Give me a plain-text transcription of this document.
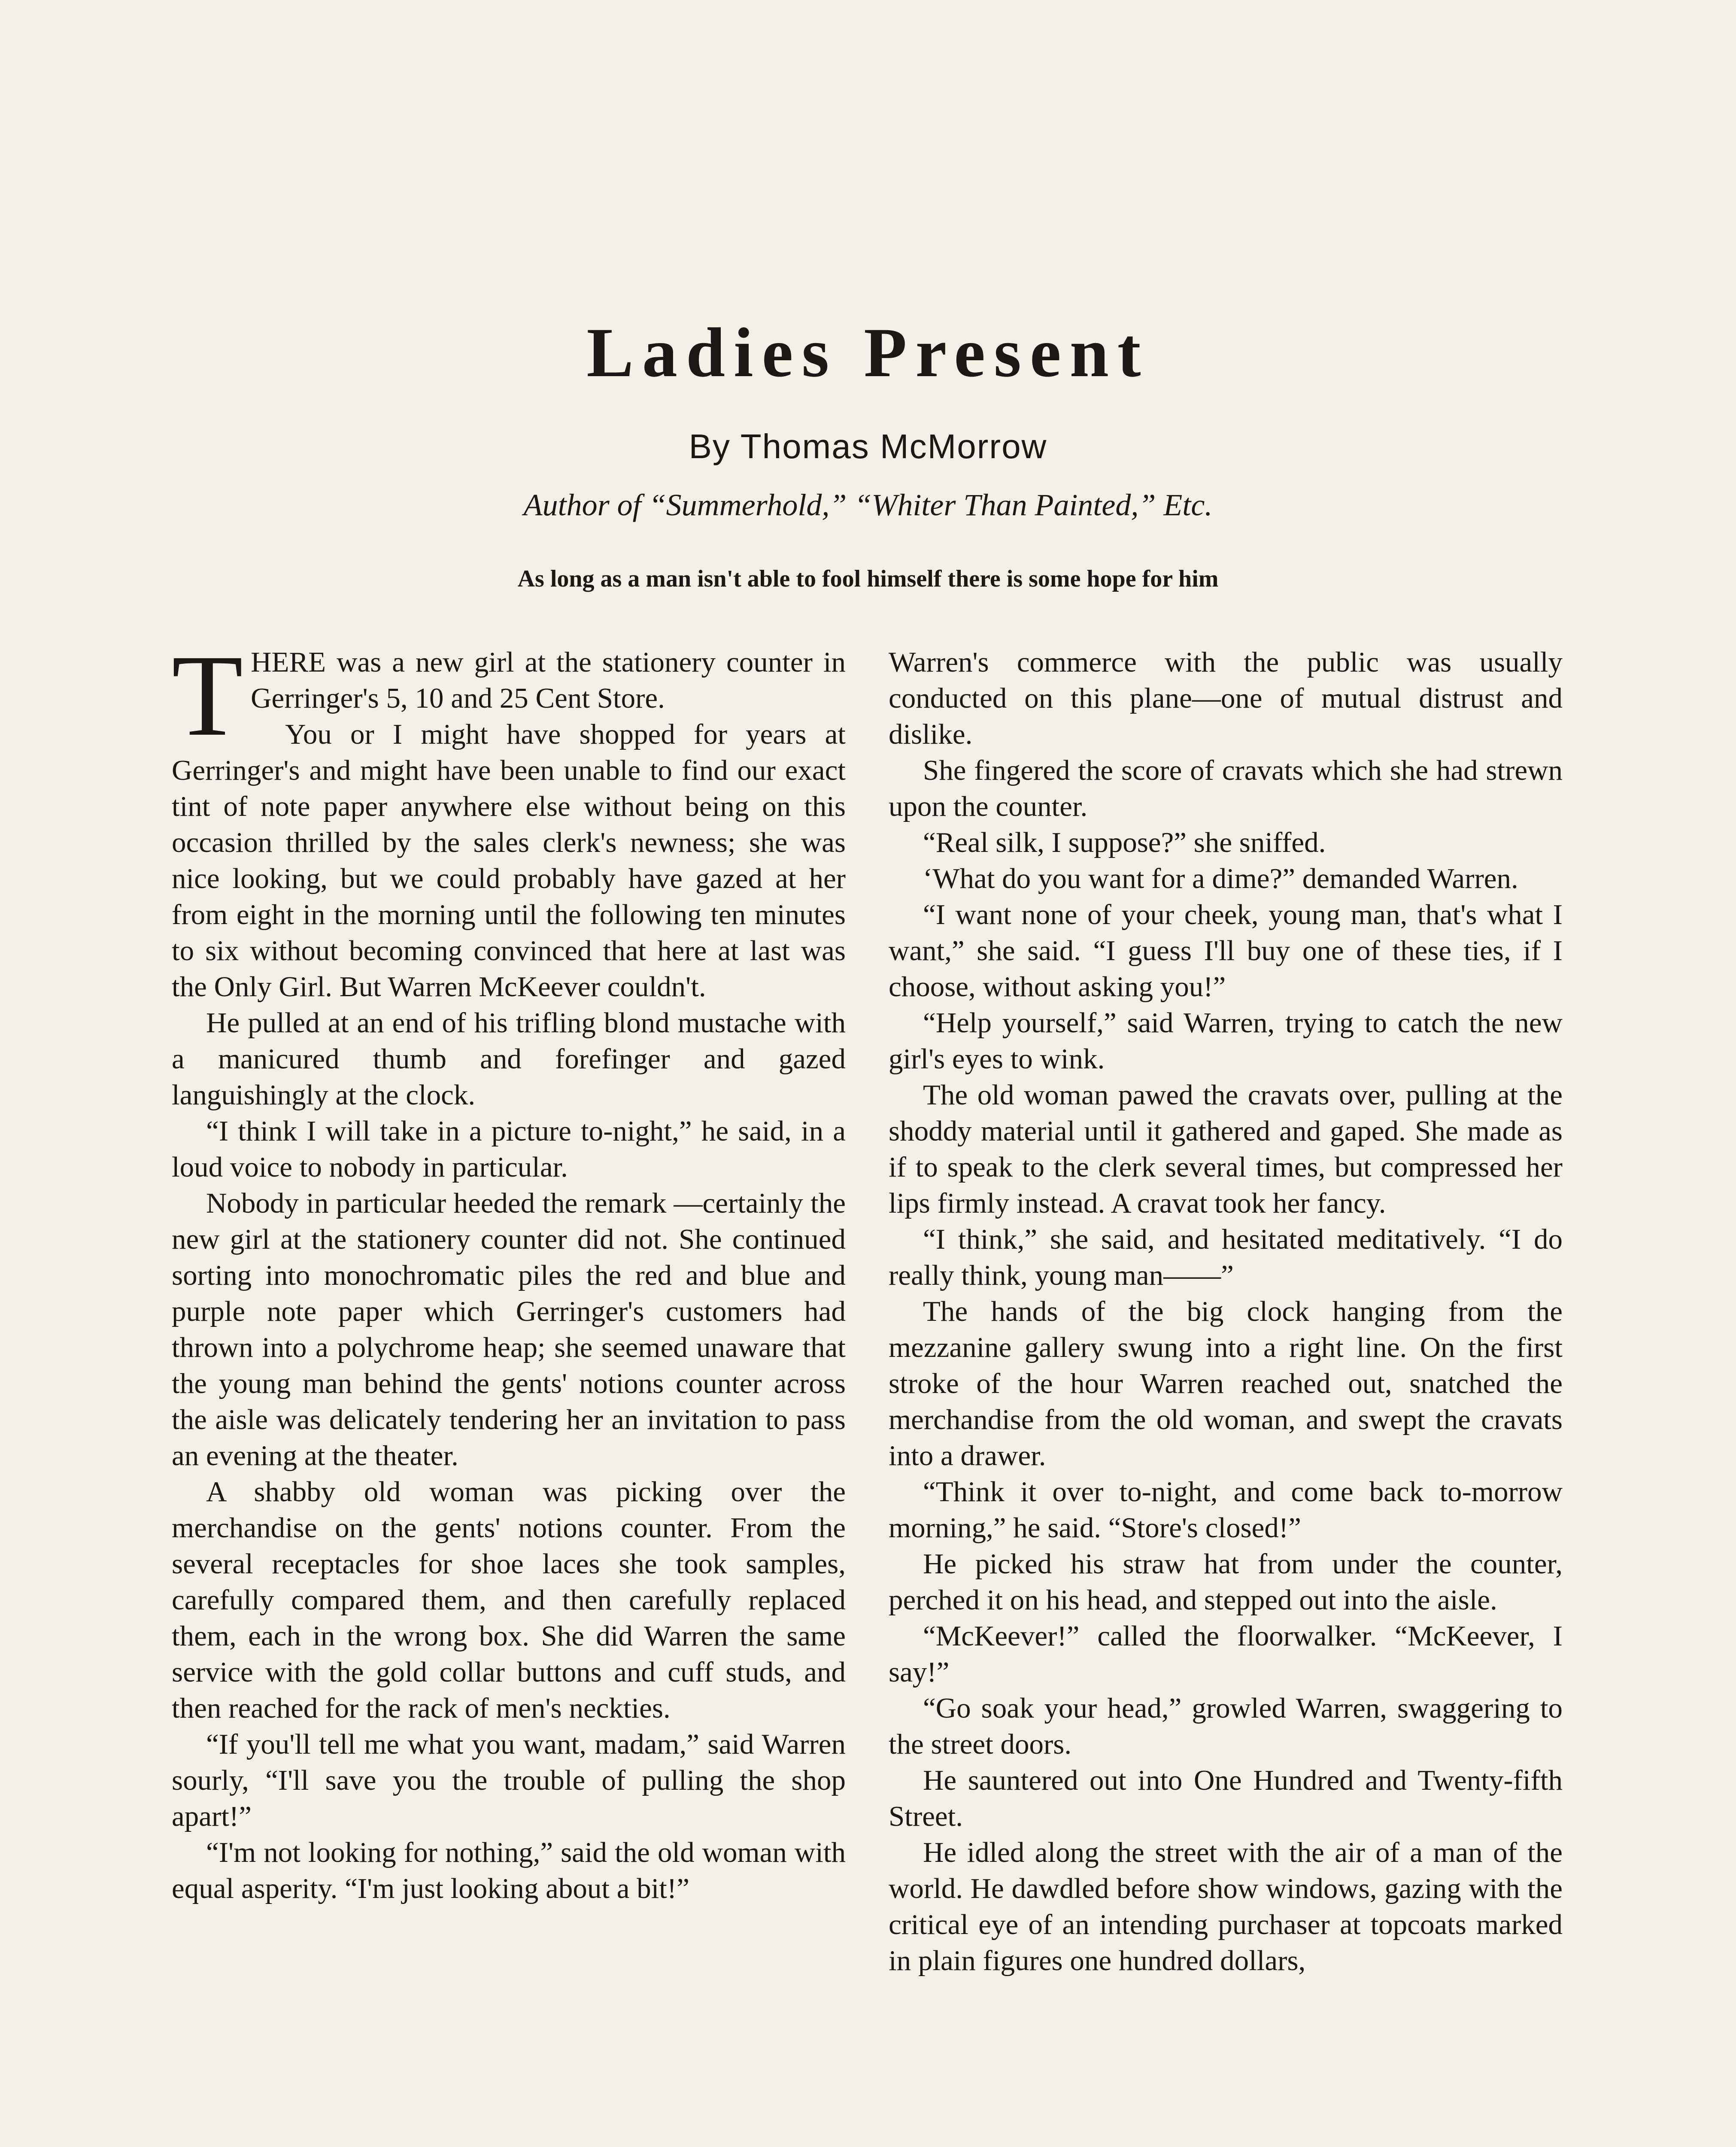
Ladies Present
By Thomas McMorrow
Author of “Summerhold,” “Whiter Than Painted,” Etc.
As long as a man isn't able to fool himself there is some hope for him

THERE was a new girl at the stationery counter in Gerringer's 5, 10 and 25 Cent Store.

You or I might have shopped for years at Gerringer's and might have been unable to find our exact tint of note paper anywhere else without being on this occasion thrilled by the sales clerk's newness; she was nice looking, but we could probably have gazed at her from eight in the morning until the following ten minutes to six without becoming convinced that here at last was the Only Girl. But Warren McKeever couldn't.

He pulled at an end of his trifling blond mustache with a manicured thumb and forefinger and gazed languishingly at the clock.

“I think I will take in a picture to-night,” he said, in a loud voice to nobody in particular.

Nobody in particular heeded the remark —certainly the new girl at the stationery counter did not. She continued sorting into monochromatic piles the red and blue and purple note paper which Gerringer's customers had thrown into a polychrome heap; she seemed unaware that the young man behind the gents' notions counter across the aisle was delicately tendering her an invitation to pass an evening at the theater.

A shabby old woman was picking over the merchandise on the gents' notions counter. From the several receptacles for shoe laces she took samples, carefully compared them, and then carefully replaced them, each in the wrong box. She did Warren the same service with the gold collar buttons and cuff studs, and then reached for the rack of men's neckties.

“If you'll tell me what you want, madam,” said Warren sourly, “I'll save you the trouble of pulling the shop apart!”

“I'm not looking for nothing,” said the old woman with equal asperity. “I'm just looking about a bit!”

Warren's commerce with the public was usually conducted on this plane—one of mutual distrust and dislike.

She fingered the score of cravats which she had strewn upon the counter.

“Real silk, I suppose?” she sniffed.

‘What do you want for a dime?” demanded Warren.

“I want none of your cheek, young man, that's what I want,” she said. “I guess I'll buy one of these ties, if I choose, without asking you!”

“Help yourself,” said Warren, trying to catch the new girl's eyes to wink.

The old woman pawed the cravats over, pulling at the shoddy material until it gathered and gaped. She made as if to speak to the clerk several times, but compressed her lips firmly instead. A cravat took her fancy.

“I think,” she said, and hesitated meditatively. “I do really think, young man——”

The hands of the big clock hanging from the mezzanine gallery swung into a right line. On the first stroke of the hour Warren reached out, snatched the merchandise from the old woman, and swept the cravats into a drawer.

“Think it over to-night, and come back to-morrow morning,” he said. “Store's closed!”

He picked his straw hat from under the counter, perched it on his head, and stepped out into the aisle.

“McKeever!” called the floorwalker. “McKeever, I say!”

“Go soak your head,” growled Warren, swaggering to the street doors.

He sauntered out into One Hundred and Twenty-fifth Street.

He idled along the street with the air of a man of the world. He dawdled before show windows, gazing with the critical eye of an intending purchaser at topcoats marked in plain figures one hundred dollars,
